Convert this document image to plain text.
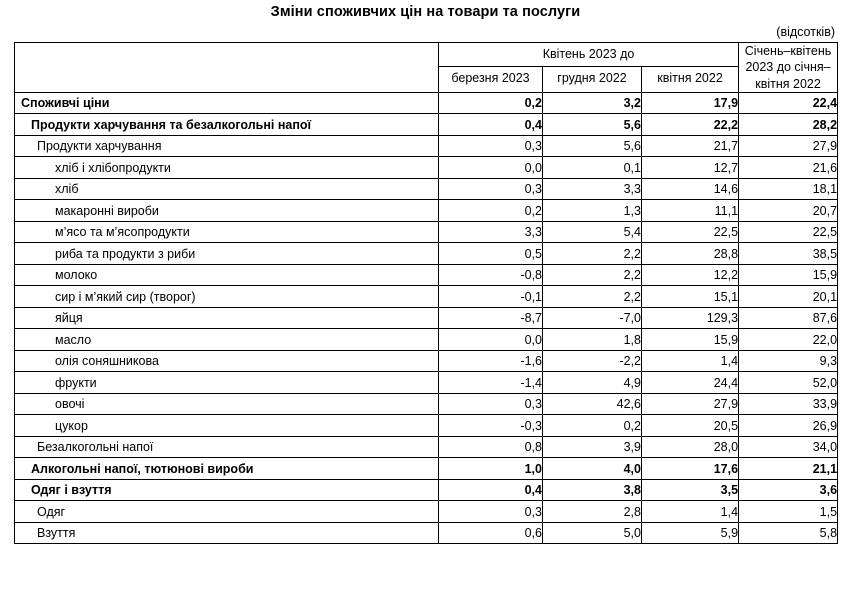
Зміни споживчих цін на товари та послуги
(відсотків)
	Квітень 2023 до			Січень–квітень 2023 до січня–квітня 2022
	березня 2023	грудня 2022	квітня 2022	
Споживчі ціни	0,2	3,2	17,9	22,4
Продукти харчування та безалкогольні напої	0,4	5,6	22,2	28,2
Продукти харчування	0,3	5,6	21,7	27,9
хліб і хлібопродукти	0,0	0,1	12,7	21,6
хліб	0,3	3,3	14,6	18,1
макаронні вироби	0,2	1,3	11,1	20,7
м’ясо та м’ясопродукти	3,3	5,4	22,5	22,5
риба та продукти з риби	0,5	2,2	28,8	38,5
молоко	-0,8	2,2	12,2	15,9
сир і м’який сир (творог)	-0,1	2,2	15,1	20,1
яйця	-8,7	-7,0	129,3	87,6
масло	0,0	1,8	15,9	22,0
олія соняшникова	-1,6	-2,2	1,4	9,3
фрукти	-1,4	4,9	24,4	52,0
овочі	0,3	42,6	27,9	33,9
цукор	-0,3	0,2	20,5	26,9
Безалкогольні напої	0,8	3,9	28,0	34,0
Алкогольні напої, тютюнові вироби	1,0	4,0	17,6	21,1
Одяг і взуття	0,4	3,8	3,5	3,6
Одяг	0,3	2,8	1,4	1,5
Взуття	0,6	5,0	5,9	5,8
